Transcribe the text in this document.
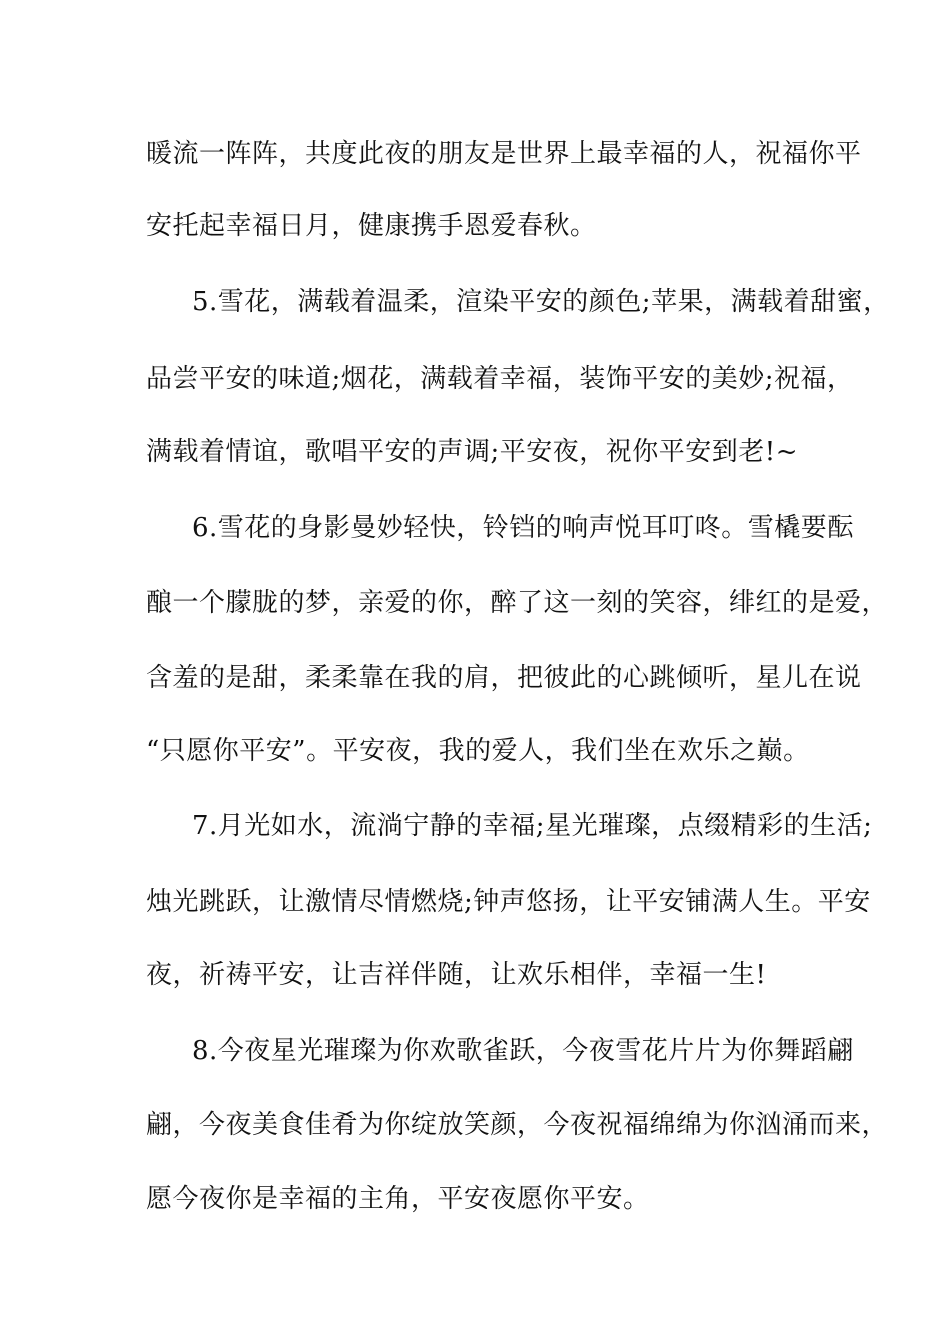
暖流一阵阵，共度此夜的朋友是世界上最幸福的人，祝福你平
安托起幸福日月，健康携手恩爱春秋。
5.雪花，满载着温柔，渲染平安的颜色;苹果，满载着甜蜜，
品尝平安的味道;烟花，满载着幸福，装饰平安的美妙;祝福，
满载着情谊，歌唱平安的声调;平安夜，祝你平安到老!~
6.雪花的身影曼妙轻快，铃铛的响声悦耳叮咚。雪橇要酝
酿一个朦胧的梦，亲爱的你，醉了这一刻的笑容，绯红的是爱，
含羞的是甜，柔柔靠在我的肩，把彼此的心跳倾听，星儿在说
“只愿你平安”。平安夜，我的爱人，我们坐在欢乐之巅。
7.月光如水，流淌宁静的幸福;星光璀璨，点缀精彩的生活;
烛光跳跃，让激情尽情燃烧;钟声悠扬，让平安铺满人生。平安
夜，祈祷平安，让吉祥伴随，让欢乐相伴，幸福一生!
8.今夜星光璀璨为你欢歌雀跃，今夜雪花片片为你舞蹈翩
翩，今夜美食佳肴为你绽放笑颜，今夜祝福绵绵为你汹涌而来，
愿今夜你是幸福的主角，平安夜愿你平安。
